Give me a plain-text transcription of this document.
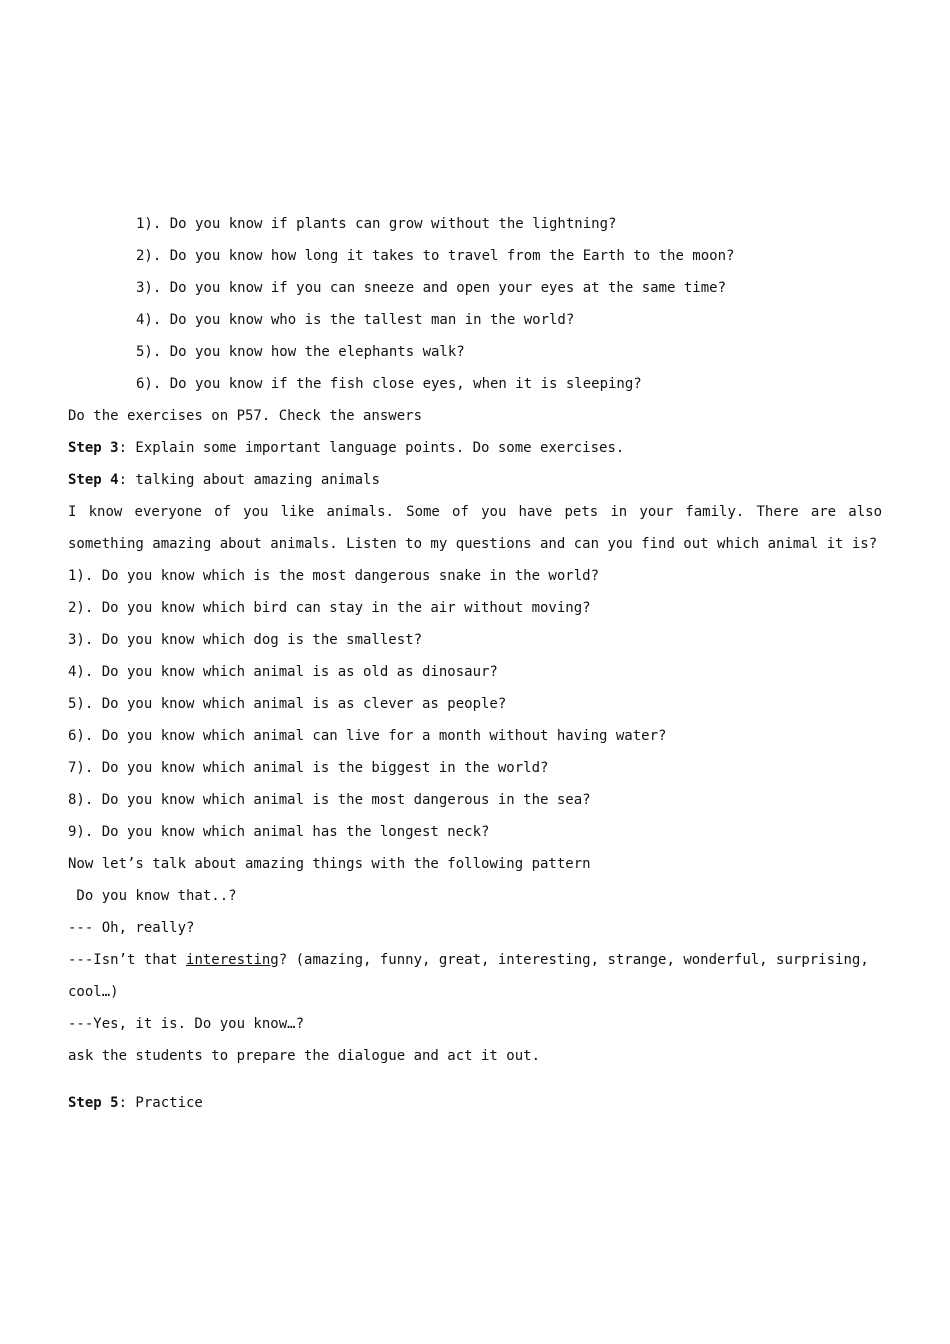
1). Do you know if plants can grow without the lightning?
2). Do you know how long it takes to travel from the Earth to the moon?
3). Do you know if you can sneeze and open your eyes at the same time?
4). Do you know who is the tallest man in the world?
5). Do you know how the elephants walk?
6). Do you know if the fish close eyes, when it is sleeping?
Do the exercises on P57. Check the answers
Step 3: Explain some important language points. Do some exercises.
Step 4: talking about amazing animals
I know everyone of you like animals. Some of you have pets in your family. There are also
something amazing about animals. Listen to my questions and can you find out which animal it is?
1). Do you know which is the most dangerous snake in the world?
2). Do you know which bird can stay in the air without moving?
3). Do you know which dog is the smallest?
4). Do you know which animal is as old as dinosaur?
5). Do you know which animal is as clever as people?
6). Do you know which animal can live for a month without having water?
7). Do you know which animal is the biggest in the world?
8). Do you know which animal is the most dangerous in the sea?
9). Do you know which animal has the longest neck?
Now let’s talk about amazing things with the following pattern
Do you know that..?
--- Oh, really?
---Isn’t that interesting? (amazing, funny, great, interesting, strange, wonderful, surprising,
cool…)
---Yes, it is. Do you know…?
ask the students to prepare the dialogue and act it out.
Step 5: Practice
